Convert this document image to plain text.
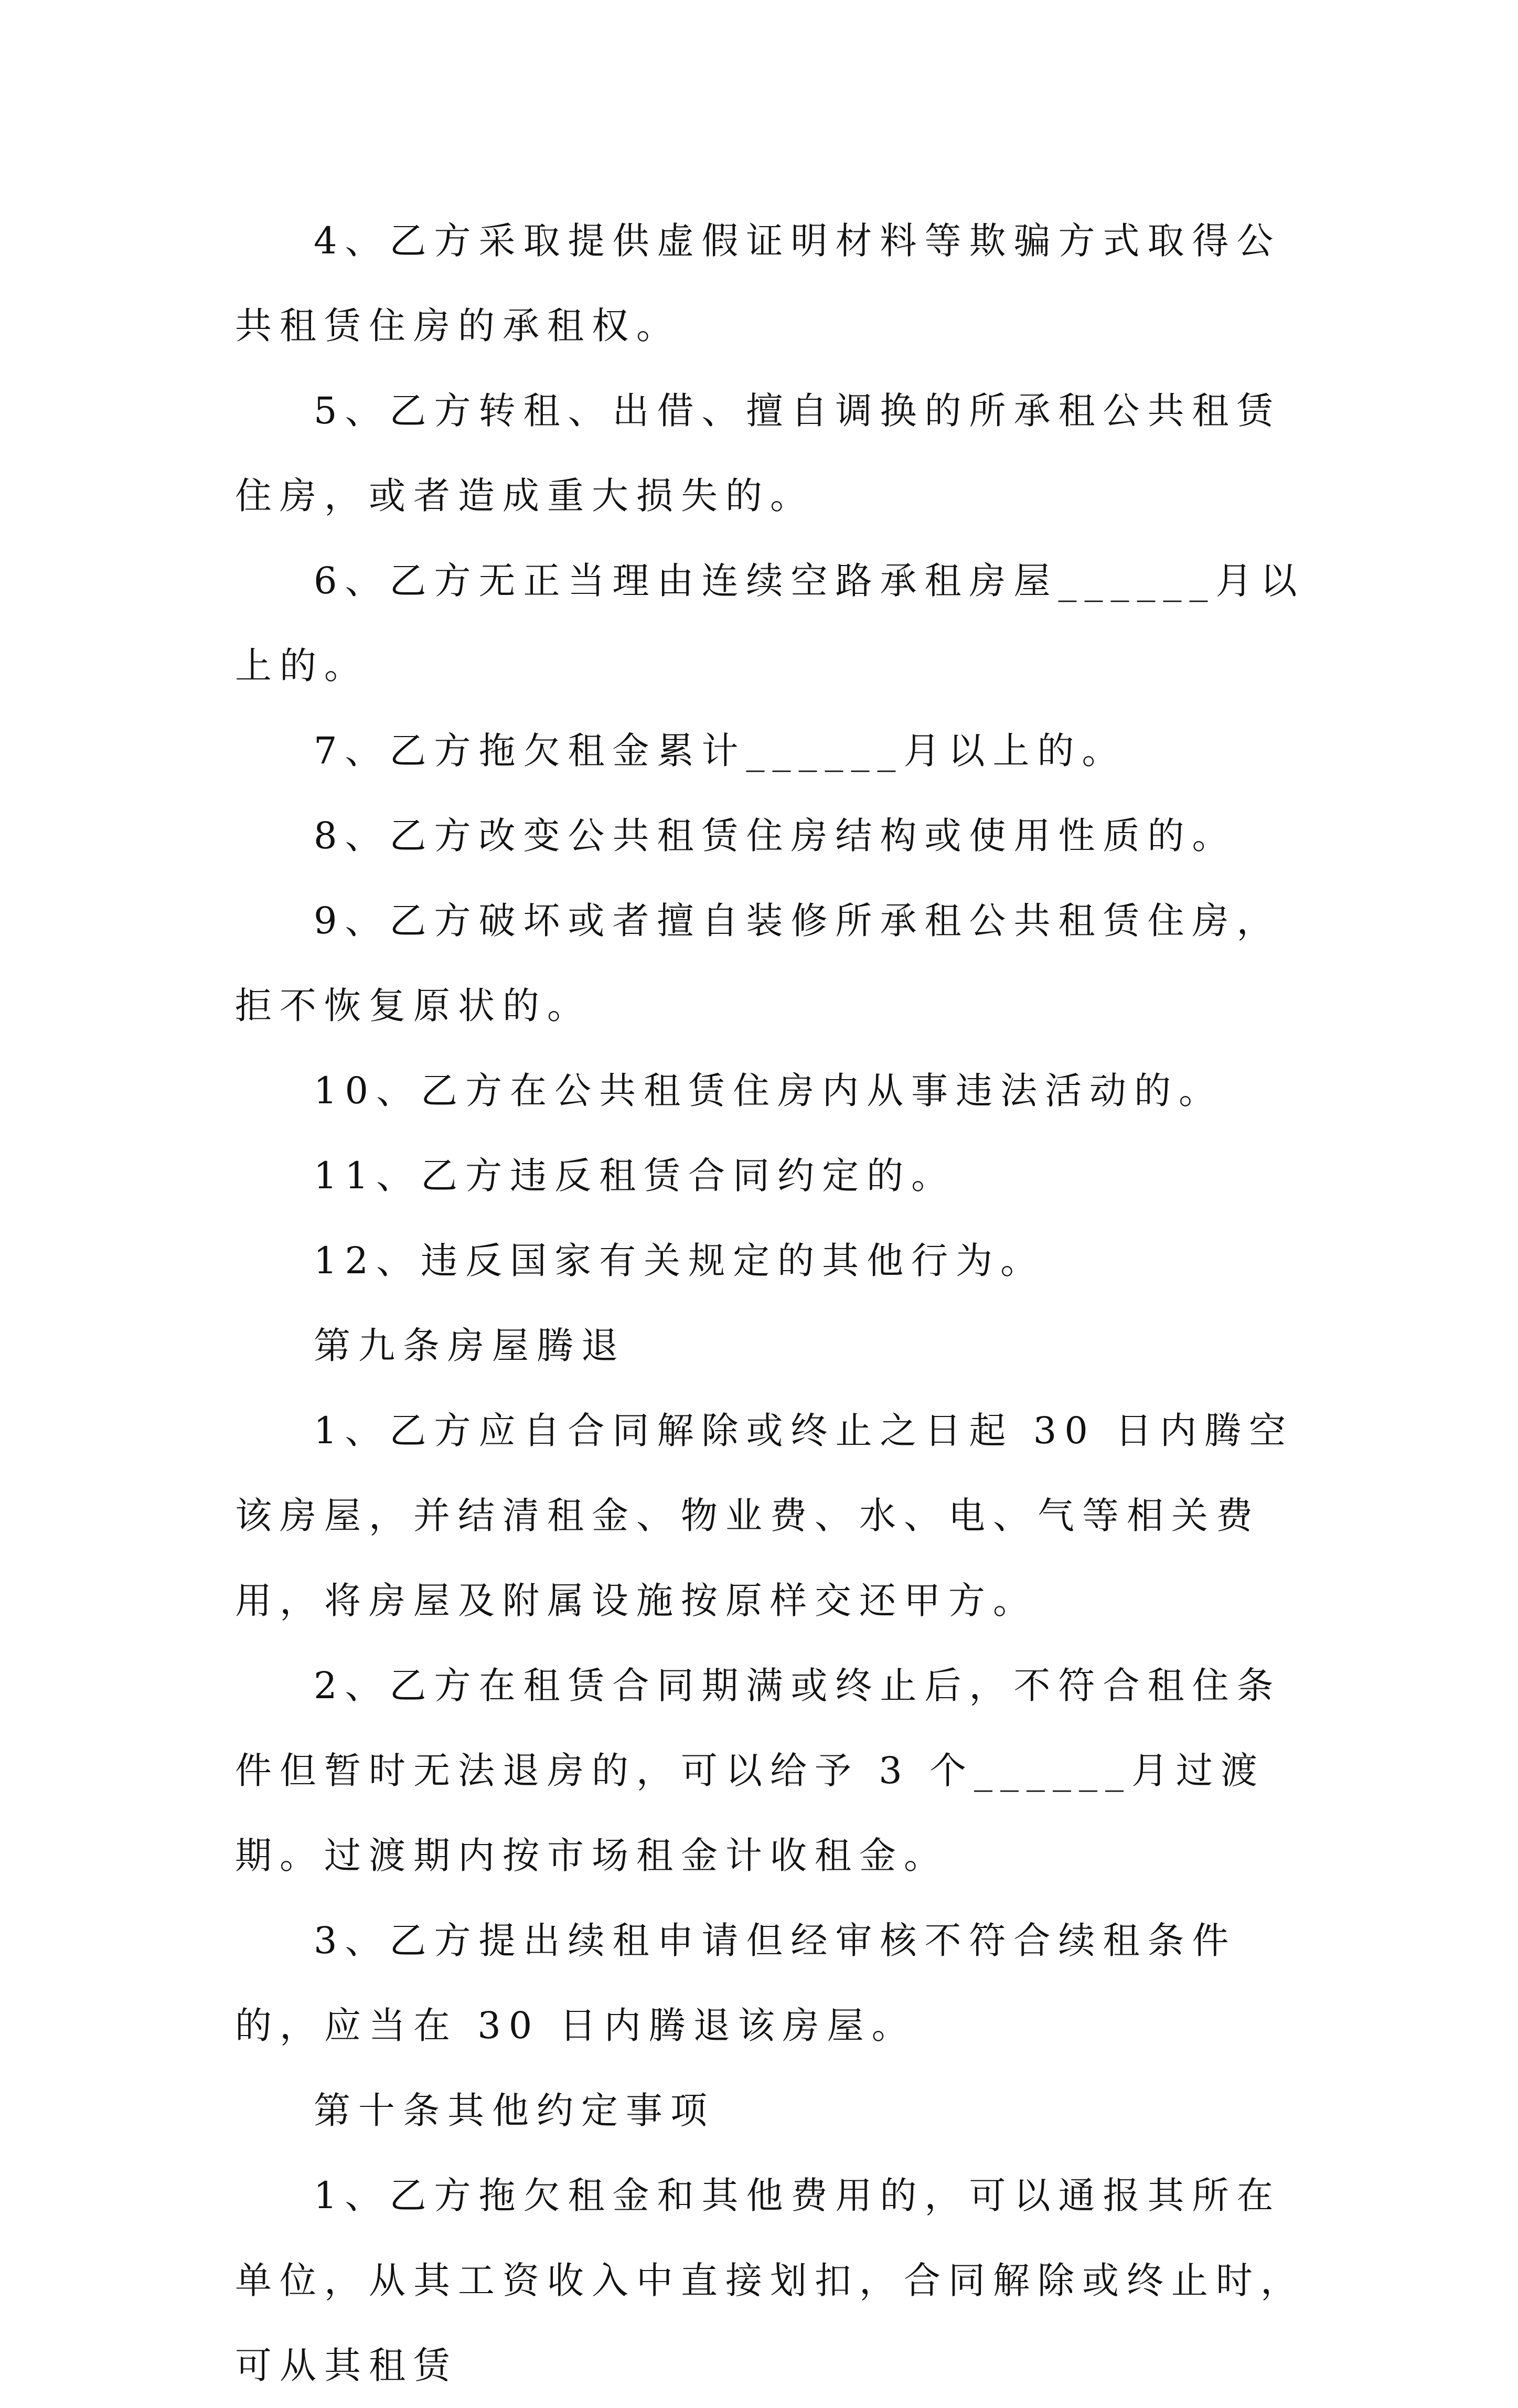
4、乙方采取提供虚假证明材料等欺骗方式取得公共租赁住房的承租权。

5、乙方转租、出借、擅自调换的所承租公共租赁住房，或者造成重大损失的。

6、乙方无正当理由连续空路承租房屋______月以上的。

7、乙方拖欠租金累计______月以上的。

8、乙方改变公共租赁住房结构或使用性质的。

9、乙方破坏或者擅自装修所承租公共租赁住房，拒不恢复原状的。

10、乙方在公共租赁住房内从事违法活动的。

11、乙方违反租赁合同约定的。

12、违反国家有关规定的其他行为。

第九条房屋腾退

1、乙方应自合同解除或终止之日起 30 日内腾空该房屋，并结清租金、物业费、水、电、气等相关费用，将房屋及附属设施按原样交还甲方。

2、乙方在租赁合同期满或终止后，不符合租住条件但暂时无法退房的，可以给予 3 个______月过渡期。过渡期内按市场租金计收租金。

3、乙方提出续租申请但经审核不符合续租条件的，应当在 30 日内腾退该房屋。

第十条其他约定事项

1、乙方拖欠租金和其他费用的，可以通报其所在单位，从其工资收入中直接划扣，合同解除或终止时，可从其租赁
